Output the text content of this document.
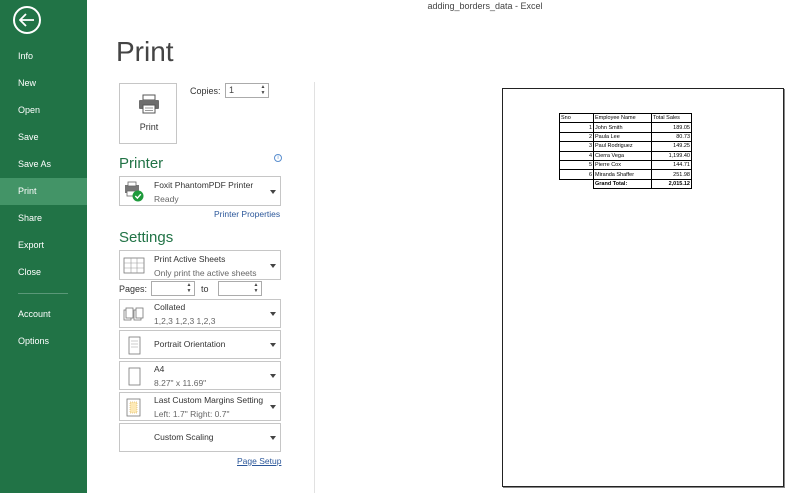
Info
New
Open
Save
Save As
Print
Share
Export
Close
Account
Options
adding_borders_data - Excel
Print
Print
Copies: 1	▲
▼
Printer	i
Foxit PhantomPDF Printer
Ready
Printer Properties
Settings
Print Active Sheets
Only print the active sheets
Pages:	▲
▼ to	▲
▼
Collated
1,2,3 1,2,3 1,2,3
Portrait Orientation
A4
8.27" x 11.69"
Last Custom Margins Setting
Left: 1.7" Right: 0.7"
Custom Scaling
Page Setup
Sno	Employee Name	Total Sales
1	John Smith	189.05
2	Paula Lee	80.73
3	Paul Rodriguez	149.25
4	Cierra Vega	1,199.40
5	Pierre Cox	144.71
6	Miranda Shaffer	251.98
	Grand Total:	2,015.12
